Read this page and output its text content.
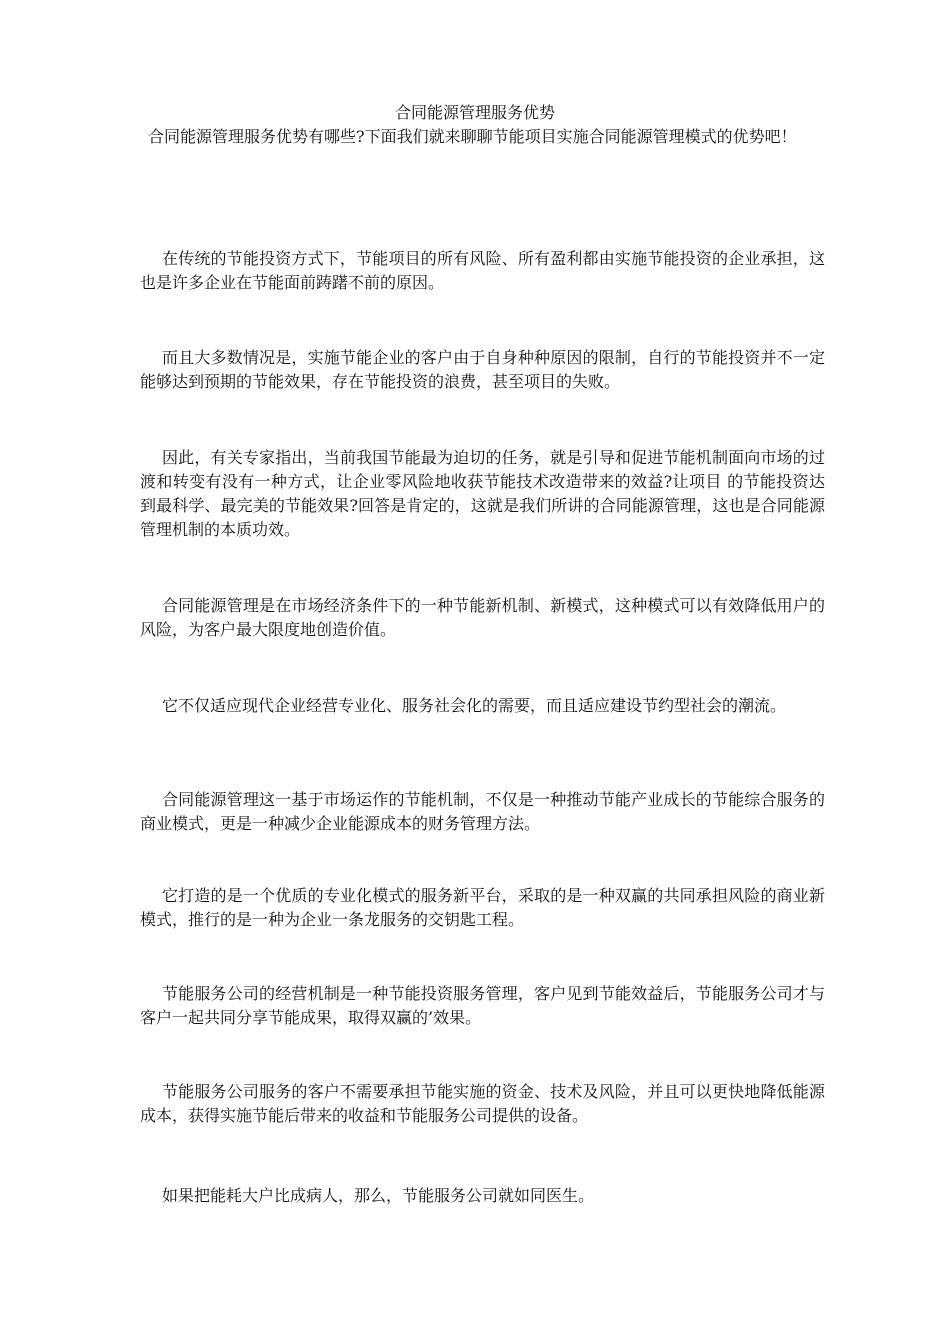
合同能源管理服务优势
合同能源管理服务优势有哪些?下面我们就来聊聊节能项目实施合同能源管理模式的优势吧！

在传统的节能投资方式下，节能项目的所有风险、所有盈利都由实施节能投资的企业承担，这也是许多企业在节能面前踌躇不前的原因。

而且大多数情况是，实施节能企业的客户由于自身种种原因的限制，自行的节能投资并不一定能够达到预期的节能效果，存在节能投资的浪费，甚至项目的失败。

因此，有关专家指出，当前我国节能最为迫切的任务，就是引导和促进节能机制面向市场的过渡和转变有没有一种方式，让企业零风险地收获节能技术改造带来的效益?让项目 的节能投资达到最科学、最完美的节能效果?回答是肯定的，这就是我们所讲的合同能源管理，这也是合同能源管理机制的本质功效。

合同能源管理是在市场经济条件下的一种节能新机制、新模式，这种模式可以有效降低用户的风险，为客户最大限度地创造价值。

它不仅适应现代企业经营专业化、服务社会化的需要，而且适应建设节约型社会的潮流。

合同能源管理这一基于市场运作的节能机制，不仅是一种推动节能产业成长的节能综合服务的商业模式，更是一种减少企业能源成本的财务管理方法。

它打造的是一个优质的专业化模式的服务新平台，采取的是一种双赢的共同承担风险的商业新模式，推行的是一种为企业一条龙服务的交钥匙工程。

节能服务公司的经营机制是一种节能投资服务管理，客户见到节能效益后，节能服务公司才与客户一起共同分享节能成果，取得双赢的’效果。

节能服务公司服务的客户不需要承担节能实施的资金、技术及风险，并且可以更快地降低能源成本，获得实施节能后带来的收益和节能服务公司提供的设备。

如果把能耗大户比成病人，那么，节能服务公司就如同医生。
